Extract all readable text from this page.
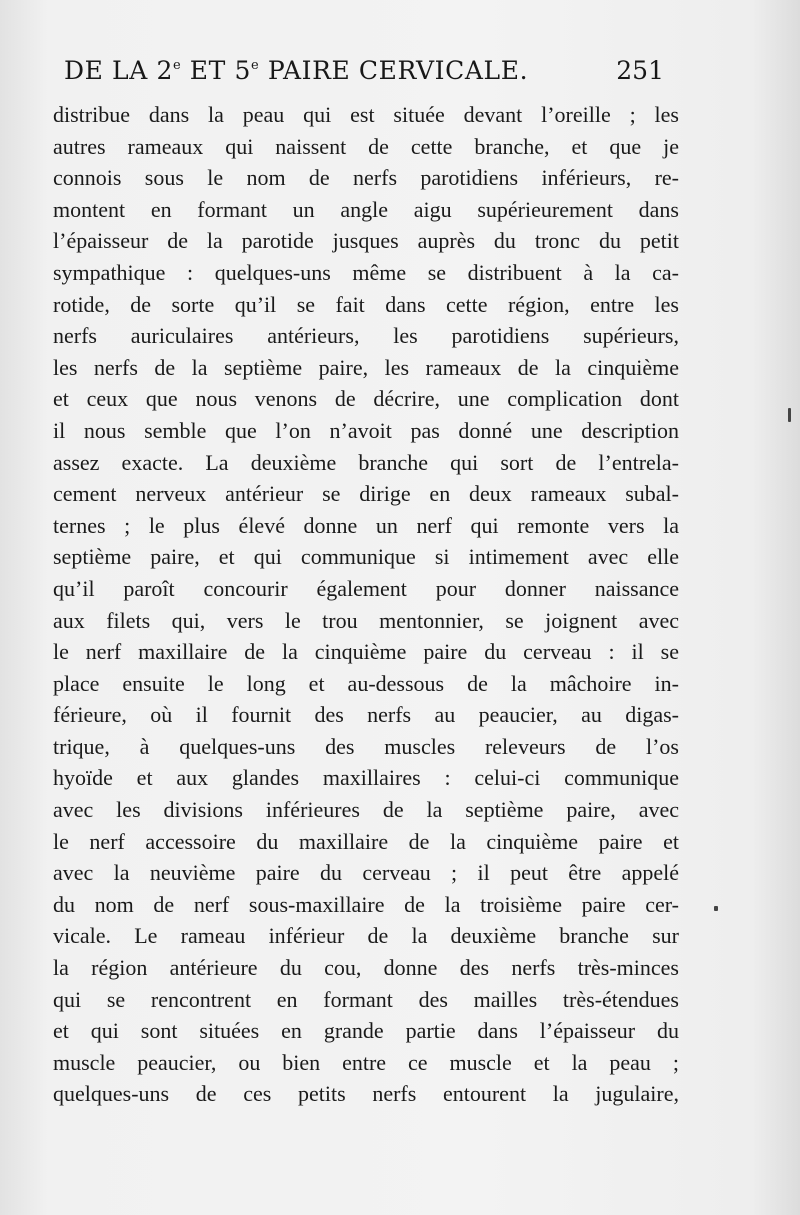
DE LA 2e ET 5e PAIRE CERVICALE.	251
distribue dans la peau qui est située devant l’oreille ; les
autres rameaux qui naissent de cette branche, et que je
connois sous le nom de nerfs parotidiens inférieurs, re-
montent en formant un angle aigu supérieurement dans
l’épaisseur de la parotide jusques auprès du tronc du petit
sympathique : quelques-uns même se distribuent à la ca-
rotide, de sorte qu’il se fait dans cette région, entre les
nerfs auriculaires antérieurs, les parotidiens supérieurs,
les nerfs de la septième paire, les rameaux de la cinquième
et ceux que nous venons de décrire, une complication dont
il nous semble que l’on n’avoit pas donné une description
assez exacte. La deuxième branche qui sort de l’entrela-
cement nerveux antérieur se dirige en deux rameaux subal-
ternes ; le plus élevé donne un nerf qui remonte vers la
septième paire, et qui communique si intimement avec elle
qu’il paroît concourir également pour donner naissance
aux filets qui, vers le trou mentonnier, se joignent avec
le nerf maxillaire de la cinquième paire du cerveau : il se
place ensuite le long et au-dessous de la mâchoire in-
férieure, où il fournit des nerfs au peaucier, au digas-
trique, à quelques-uns des muscles releveurs de l’os
hyoïde et aux glandes maxillaires : celui-ci communique
avec les divisions inférieures de la septième paire, avec
le nerf accessoire du maxillaire de la cinquième paire et
avec la neuvième paire du cerveau ; il peut être appelé
du nom de nerf sous-maxillaire de la troisième paire cer-
vicale. Le rameau inférieur de la deuxième branche sur
la région antérieure du cou, donne des nerfs très-minces
qui se rencontrent en formant des mailles très-étendues
et qui sont situées en grande partie dans l’épaisseur du
muscle peaucier, ou bien entre ce muscle et la peau ;
quelques-uns de ces petits nerfs entourent la jugulaire,
